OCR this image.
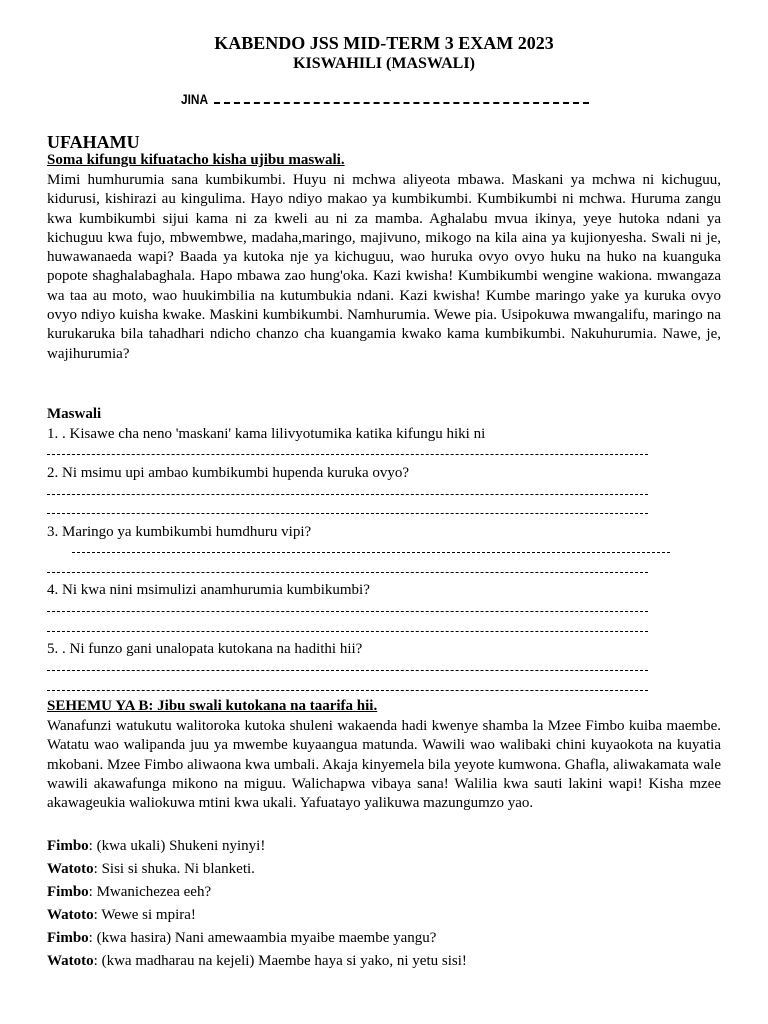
KABENDO JSS MID-TERM 3 EXAM 2023
KISWAHILI (MASWALI)
JINA
UFAHAMU

Soma kifungu kifuatacho kisha ujibu maswali.

Mimi humhurumia sana kumbikumbi. Huyu ni mchwa aliyeota mbawa. Maskani ya mchwa ni kichuguu, kidurusi, kishirazi au kingulima. Hayo ndiyo makao ya kumbikumbi. Kumbikumbi ni mchwa. Huruma zangu kwa kumbikumbi sijui kama ni za kweli au ni za mamba. Aghalabu mvua ikinya, yeye hutoka ndani ya kichuguu kwa fujo, mbwembwe, madaha,maringo, majivuno, mikogo na kila aina ya kujionyesha. Swali ni je, huwawanaeda wapi? Baada ya kutoka nje ya kichuguu, wao huruka ovyo ovyo huku na huko na kuanguka popote shaghalabaghala. Hapo mbawa zao hung'oka. Kazi kwisha! Kumbikumbi wengine wakiona. mwangaza wa taa au moto, wao huukimbilia na kutumbukia ndani. Kazi kwisha! Kumbe maringo yake ya kuruka ovyo ovyo ndiyo kuisha kwake. Maskini kumbikumbi. Namhurumia. Wewe pia. Usipokuwa mwangalifu, maringo na kurukaruka bila tahadhari ndicho chanzo cha kuangamia kwako kama kumbikumbi. Nakuhurumia. Nawe, je, wajihurumia?

Maswali

1. . Kisawe cha neno 'maskani' kama lilivyotumika katika kifungu hiki ni

2. Ni msimu upi ambao kumbikumbi hupenda kuruka ovyo?

3. Maringo ya kumbikumbi humdhuru vipi?

4. Ni kwa nini msimulizi anamhurumia kumbikumbi?

5. . Ni funzo gani unalopata kutokana na hadithi hii?

SEHEMU YA B: Jibu swali kutokana na taarifa hii.

Wanafunzi watukutu walitoroka kutoka shuleni wakaenda hadi kwenye shamba la Mzee Fimbo kuiba maembe. Watatu wao walipanda juu ya mwembe kuyaangua matunda. Wawili wao walibaki chini kuyaokota na kuyatia mkobani. Mzee Fimbo aliwaona kwa umbali. Akaja kinyemela bila yeyote kumwona. Ghafla, aliwakamata wale wawili akawafunga mikono na miguu. Walichapwa vibaya sana! Walilia kwa sauti lakini wapi! Kisha mzee akawageukia waliokuwa mtini kwa ukali. Yafuatayo yalikuwa mazungumzo yao.

Fimbo: (kwa ukali) Shukeni nyinyi!

Watoto: Sisi si shuka. Ni blanketi.

Fimbo: Mwanichezea eeh?

Watoto: Wewe si mpira!

Fimbo: (kwa hasira) Nani amewaambia myaibe maembe yangu?

Watoto: (kwa madharau na kejeli) Maembe haya si yako, ni yetu sisi!
